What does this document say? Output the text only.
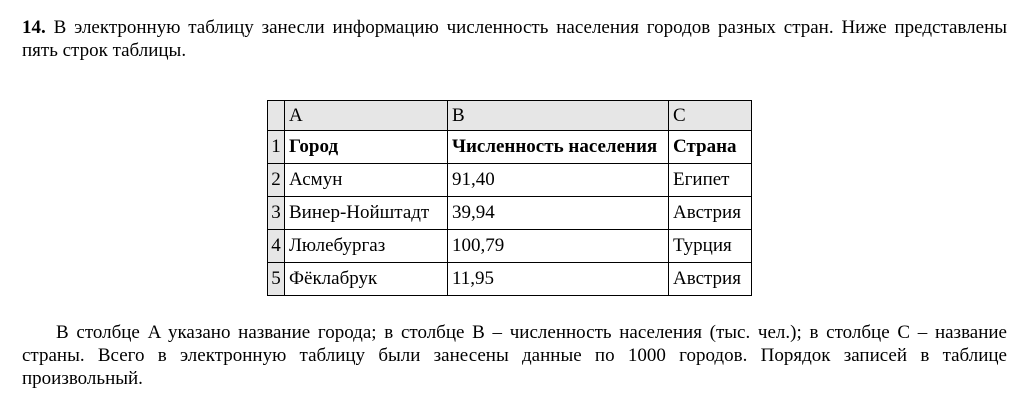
14. В электронную таблицу занесли информацию численность населения городов разных стран. Ниже представлены пять строк таблицы.
	A	B	C
1	Город	Численность населения	Страна
2	Асмун	91,40	Египет
3	Винер-Нойштадт	39,94	Австрия
4	Люлебургаз	100,79	Турция
5	Фёклабрук	11,95	Австрия
В столбце A указано название города; в столбце B – численность населения (тыс. чел.); в столбце C – название страны. Всего в электронную таблицу были занесены данные по 1000 городов. Порядок записей в таблице произвольный.
